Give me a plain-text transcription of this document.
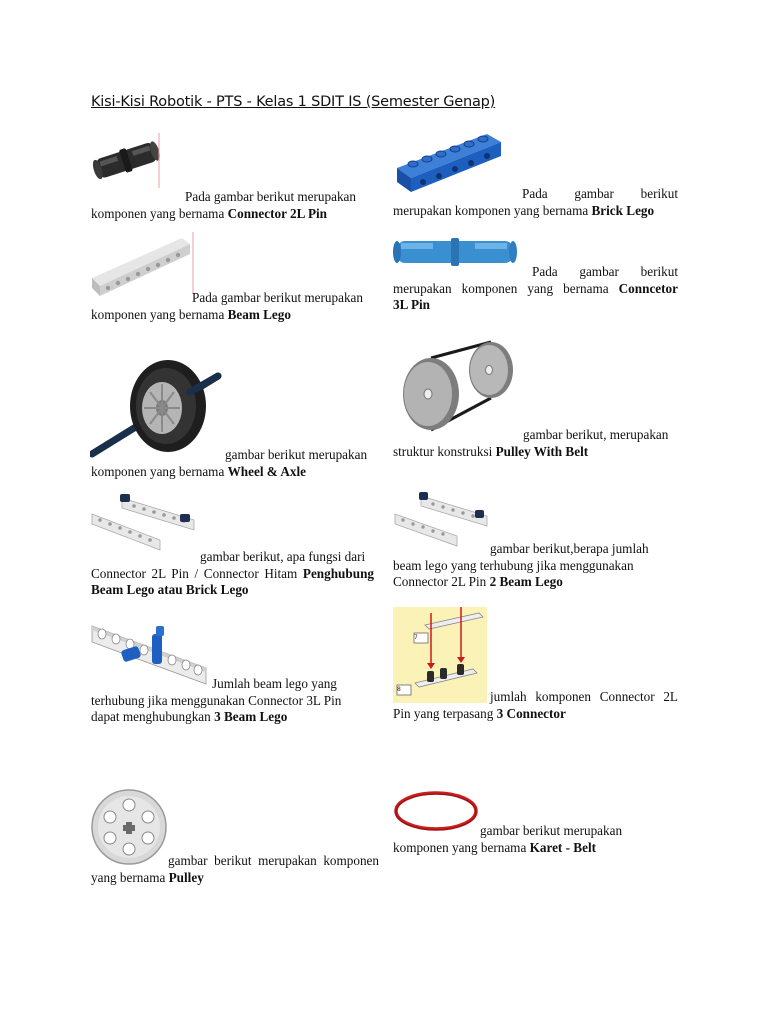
Kisi-Kisi Robotik - PTS - Kelas 1 SDIT IS (Semester Genap)
Pada gambar berikut merupakan
komponen yang bernama Connector 2L Pin
Pada gambar berikut
merupakan komponen yang bernama Brick Lego
Pada gambar berikut merupakan
komponen yang bernama Beam Lego
Pada gambar berikut
merupakan komponen yang bernama Conncetor
3L Pin
gambar berikut merupakan
komponen yang bernama Wheel & Axle
gambar berikut, merupakan
struktur konstruksi Pulley With Belt
gambar berikut, apa fungsi dari
Connector 2L Pin / Connector Hitam Penghubung
Beam Lego atau Brick Lego
gambar berikut,berapa jumlah
beam lego yang terhubung jika menggunakan
Connector 2L Pin 2 Beam Lego
Jumlah beam lego yang
terhubung jika menggunakan Connector 3L Pin
dapat menghubungkan 3 Beam Lego
7
8	jumlah komponen Connector 2L
Pin yang terpasang 3 Connector
gambar berikut merupakan komponen
yang bernama Pulley
gambar berikut merupakan
komponen yang bernama Karet - Belt
